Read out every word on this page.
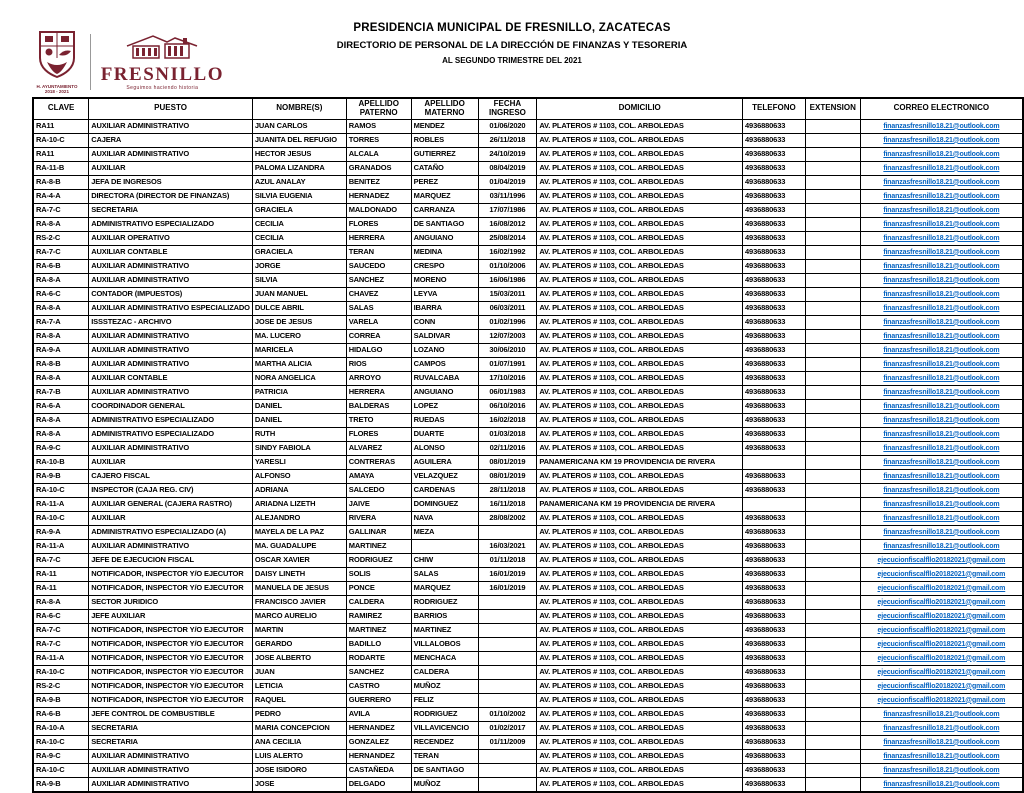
H. AYUNTAMIENTO 2018 - 2021
FRESNILLO
Seguimos haciendo historia
PRESIDENCIA MUNICIPAL DE FRESNILLO, ZACATECAS
DIRECTORIO DE PERSONAL DE LA DIRECCIÓN DE FINANZAS Y TESORERIA
AL SEGUNDO TRIMESTRE DEL 2021
CLAVE	PUESTO	NOMBRE(S)	APELLIDO PATERNO	APELLIDO MATERNO	FECHA INGRESO	DOMICILIO	TELEFONO	EXTENSION	CORREO ELECTRONICO
RA11	AUXILIAR ADMINISTRATIVO	JUAN CARLOS	RAMOS	MENDEZ	01/06/2020	AV. PLATEROS # 1103, COL. ARBOLEDAS	4936880633		finanzasfresnillo18.21@outlook.com
RA-10-C	CAJERA	JUANITA DEL REFUGIO	TORRES	ROBLES	26/11/2018	AV. PLATEROS # 1103, COL. ARBOLEDAS	4936880633		finanzasfresnillo18.21@outlook.com
RA11	AUXILIAR ADMINISTRATIVO	HECTOR JESUS	ALCALA	GUTIERREZ	24/10/2019	AV. PLATEROS # 1103, COL. ARBOLEDAS	4936880633		finanzasfresnillo18.21@outlook.com
RA-11-B	AUXILIAR	PALOMA LIZANDRA	GRANADOS	CATAÑO	08/04/2019	AV. PLATEROS # 1103, COL. ARBOLEDAS	4936880633		finanzasfresnillo18.21@outlook.com
RA-8-B	JEFA DE INGRESOS	AZUL ANALAY	BENITEZ	PEREZ	01/04/2019	AV. PLATEROS # 1103, COL. ARBOLEDAS	4936880633		finanzasfresnillo18.21@outlook.com
RA-4-A	DIRECTORA (DIRECTOR DE FINANZAS)	SILVIA EUGENIA	HERNADEZ	MARQUEZ	03/11/1996	AV. PLATEROS # 1103, COL. ARBOLEDAS	4936880633		finanzasfresnillo18.21@outlook.com
RA-7-C	SECRETARIA	GRACIELA	MALDONADO	CARRANZA	17/07/1986	AV. PLATEROS # 1103, COL. ARBOLEDAS	4936880633		finanzasfresnillo18.21@outlook.com
RA-8-A	ADMINISTRATIVO ESPECIALIZADO	CECILIA	FLORES	DE SANTIAGO	16/08/2012	AV. PLATEROS # 1103, COL. ARBOLEDAS	4936880633		finanzasfresnillo18.21@outlook.com
RS-2-C	AUXILIAR OPERATIVO	CECILIA	HERRERA	ANGUIANO	25/08/2014	AV. PLATEROS # 1103, COL. ARBOLEDAS	4936880633		finanzasfresnillo18.21@outlook.com
RA-7-C	AUXILIAR CONTABLE	GRACIELA	TERAN	MEDINA	16/02/1992	AV. PLATEROS # 1103, COL. ARBOLEDAS	4936880633		finanzasfresnillo18.21@outlook.com
RA-6-B	AUXILIAR ADMINISTRATIVO	JORGE	SAUCEDO	CRESPO	01/10/2006	AV. PLATEROS # 1103, COL. ARBOLEDAS	4936880633		finanzasfresnillo18.21@outlook.com
RA-8-A	AUXILIAR ADMINISTRATIVO	SILVIA	SANCHEZ	MORENO	16/06/1986	AV. PLATEROS # 1103, COL. ARBOLEDAS	4936880633		finanzasfresnillo18.21@outlook.com
RA-6-C	CONTADOR (IMPUESTOS)	JUAN MANUEL	CHAVEZ	LEYVA	15/03/2011	AV. PLATEROS # 1103, COL. ARBOLEDAS	4936880633		finanzasfresnillo18.21@outlook.com
RA-8-A	AUXILIAR ADMINISTRATIVO ESPECIALIZADO	DULCE ABRIL	SALAS	IBARRA	06/03/2011	AV. PLATEROS # 1103, COL. ARBOLEDAS	4936880633		finanzasfresnillo18.21@outlook.com
RA-7-A	ISSSTEZAC - ARCHIVO	JOSE DE JESUS	VARELA	CONN	01/02/1996	AV. PLATEROS # 1103, COL. ARBOLEDAS	4936880633		finanzasfresnillo18.21@outlook.com
RA-8-A	AUXILIAR ADMINISTRATIVO	MA. LUCERO	CORREA	SALDIVAR	12/07/2003	AV. PLATEROS # 1103, COL. ARBOLEDAS	4936880633		finanzasfresnillo18.21@outlook.com
RA-9-A	AUXILIAR ADMINISTRATIVO	MARICELA	HIDALGO	LOZANO	30/06/2010	AV. PLATEROS # 1103, COL. ARBOLEDAS	4936880633		finanzasfresnillo18.21@outlook.com
RA-8-B	AUXILIAR ADMINISTRATIVO	MARTHA ALICIA	RIOS	CAMPOS	01/07/1991	AV. PLATEROS # 1103, COL. ARBOLEDAS	4936880633		finanzasfresnillo18.21@outlook.com
RA-8-A	AUXILIAR CONTABLE	NORA ANGELICA	ARROYO	RUVALCABA	17/10/2016	AV. PLATEROS # 1103, COL. ARBOLEDAS	4936880633		finanzasfresnillo18.21@outlook.com
RA-7-B	AUXILIAR ADMINISTRATIVO	PATRICIA	HERRERA	ANGUIANO	06/01/1983	AV. PLATEROS # 1103, COL. ARBOLEDAS	4936880633		finanzasfresnillo18.21@outlook.com
RA-6-A	COORDINADOR GENERAL	DANIEL	BALDERAS	LOPEZ	06/10/2016	AV. PLATEROS # 1103, COL. ARBOLEDAS	4936880633		finanzasfresnillo18.21@outlook.com
RA-8-A	ADMINISTRATIVO ESPECIALIZADO	DANIEL	TRETO	RUEDAS	16/02/2018	AV. PLATEROS # 1103, COL. ARBOLEDAS	4936880633		finanzasfresnillo18.21@outlook.com
RA-8-A	ADMINISTRATIVO ESPECIALIZADO	RUTH	FLORES	DUARTE	01/03/2018	AV. PLATEROS # 1103, COL. ARBOLEDAS	4936880633		finanzasfresnillo18.21@outlook.com
RA-9-C	AUXILIAR ADMINISTRATIVO	SINDY FABIOLA	ALVAREZ	ALONSO	02/11/2016	AV. PLATEROS # 1103, COL. ARBOLEDAS	4936880633		finanzasfresnillo18.21@outlook.com
RA-10-B	AUXILIAR	YARESLI	CONTRERAS	AGUILERA	08/01/2019	PANAMERICANA KM 19 PROVIDENCIA DE RIVERA			finanzasfresnillo18.21@outlook.com
RA-9-B	CAJERO FISCAL	ALFONSO	AMAYA	VELAZQUEZ	08/01/2019	AV. PLATEROS # 1103, COL. ARBOLEDAS	4936880633		finanzasfresnillo18.21@outlook.com
RA-10-C	INSPECTOR (CAJA REG. CIV)	ADRIANA	SALCEDO	CARDENAS	28/11/2018	AV. PLATEROS # 1103, COL. ARBOLEDAS	4936880633		finanzasfresnillo18.21@outlook.com
RA-11-A	AUXILIAR GENERAL (CAJERA RASTRO)	ARIADNA LIZETH	JAIVE	DOMINGUEZ	16/11/2018	PANAMERICANA KM 19 PROVIDENCIA DE RIVERA			finanzasfresnillo18.21@outlook.com
RA-10-C	AUXILIAR	ALEJANDRO	RIVERA	NAVA	28/08/2002	AV. PLATEROS # 1103, COL. ARBOLEDAS	4936880633		finanzasfresnillo18.21@outlook.com
RA-9-A	ADMINISTRATIVO ESPECIALIZADO (A)	MAYELA DE LA PAZ	GALLINAR	MEZA		AV. PLATEROS # 1103, COL. ARBOLEDAS	4936880633		finanzasfresnillo18.21@outlook.com
RA-11-A	AUXILIAR ADMINISTRATIVO	MA. GUADALUPE	MARTINEZ		16/03/2021	AV. PLATEROS # 1103, COL. ARBOLEDAS	4936880633		finanzasfresnillo18.21@outlook.com
RA-7-C	JEFE DE EJECUCION FISCAL	OSCAR XAVIER	RODRIGUEZ	CHIW	01/11/2018	AV. PLATEROS # 1103, COL. ARBOLEDAS	4936880633		ejecucionfiscalfllo20182021@gmail.com
RA-11	NOTIFICADOR, INSPECTOR Y/O EJECUTOR	DAISY LINETH	SOLIS	SALAS	16/01/2019	AV. PLATEROS # 1103, COL. ARBOLEDAS	4936880633		ejecucionfiscalfllo20182021@gmail.com
RA-11	NOTIFICADOR, INSPECTOR Y/O EJECUTOR	MANUELA DE JESUS	PONCE	MARQUEZ	16/01/2019	AV. PLATEROS # 1103, COL. ARBOLEDAS	4936880633		ejecucionfiscalfllo20182021@gmail.com
RA-8-A	SECTOR JURIDICO	FRANCISCO JAVIER	CALDERA	RODRIGUEZ		AV. PLATEROS # 1103, COL. ARBOLEDAS	4936880633		ejecucionfiscalfllo20182021@gmail.com
RA-6-C	JEFE AUXILIAR	MARCO AURELIO	RAMIREZ	BARRIOS		AV. PLATEROS # 1103, COL. ARBOLEDAS	4936880633		ejecucionfiscalfllo20182021@gmail.com
RA-7-C	NOTIFICADOR, INSPECTOR Y/O EJECUTOR	MARTIN	MARTINEZ	MARTINEZ		AV. PLATEROS # 1103, COL. ARBOLEDAS	4936880633		ejecucionfiscalfllo20182021@gmail.com
RA-7-C	NOTIFICADOR, INSPECTOR Y/O EJECUTOR	GERARDO	BADILLO	VILLALOBOS		AV. PLATEROS # 1103, COL. ARBOLEDAS	4936880633		ejecucionfiscalfllo20182021@gmail.com
RA-11-A	NOTIFICADOR, INSPECTOR Y/O EJECUTOR	JOSE ALBERTO	RODARTE	MENCHACA		AV. PLATEROS # 1103, COL. ARBOLEDAS	4936880633		ejecucionfiscalfllo20182021@gmail.com
RA-10-C	NOTIFICADOR, INSPECTOR Y/O EJECUTOR	JUAN	SANCHEZ	CALDERA		AV. PLATEROS # 1103, COL. ARBOLEDAS	4936880633		ejecucionfiscalfllo20182021@gmail.com
RS-2-C	NOTIFICADOR, INSPECTOR Y/O EJECUTOR	LETICIA	CASTRO	MUÑOZ		AV. PLATEROS # 1103, COL. ARBOLEDAS	4936880633		ejecucionfiscalfllo20182021@gmail.com
RA-9-B	NOTIFICADOR, INSPECTOR Y/O EJECUTOR	RAQUEL	GUERRERO	FELIZ		AV. PLATEROS # 1103, COL. ARBOLEDAS	4936880633		ejecucionfiscalfllo20182021@gmail.com
RA-6-B	JEFE CONTROL DE COMBUSTIBLE	PEDRO	AVILA	RODRIGUEZ	01/10/2002	AV. PLATEROS # 1103, COL. ARBOLEDAS	4936880633		finanzasfresnillo18.21@outlook.com
RA-10-A	SECRETARIA	MARIA CONCEPCION	HERNANDEZ	VILLAVICENCIO	01/02/2017	AV. PLATEROS # 1103, COL. ARBOLEDAS	4936880633		finanzasfresnillo18.21@outlook.com
RA-10-C	SECRETARIA	ANA CECILIA	GONZALEZ	RECENDEZ	01/11/2009	AV. PLATEROS # 1103, COL. ARBOLEDAS	4936880633		finanzasfresnillo18.21@outlook.com
RA-9-C	AUXILIAR ADMINISTRATIVO	LUIS ALERTO	HERNANDEZ	TERAN		AV. PLATEROS # 1103, COL. ARBOLEDAS	4936880633		finanzasfresnillo18.21@outlook.com
RA-10-C	AUXILIAR ADMINISTRATIVO	JOSE ISIDORO	CASTAÑEDA	DE SANTIAGO		AV. PLATEROS # 1103, COL. ARBOLEDAS	4936880633		finanzasfresnillo18.21@outlook.com
RA-9-B	AUXILIAR ADMINISTRATIVO	JOSE	DELGADO	MUÑOZ		AV. PLATEROS # 1103, COL. ARBOLEDAS	4936880633		finanzasfresnillo18.21@outlook.com
